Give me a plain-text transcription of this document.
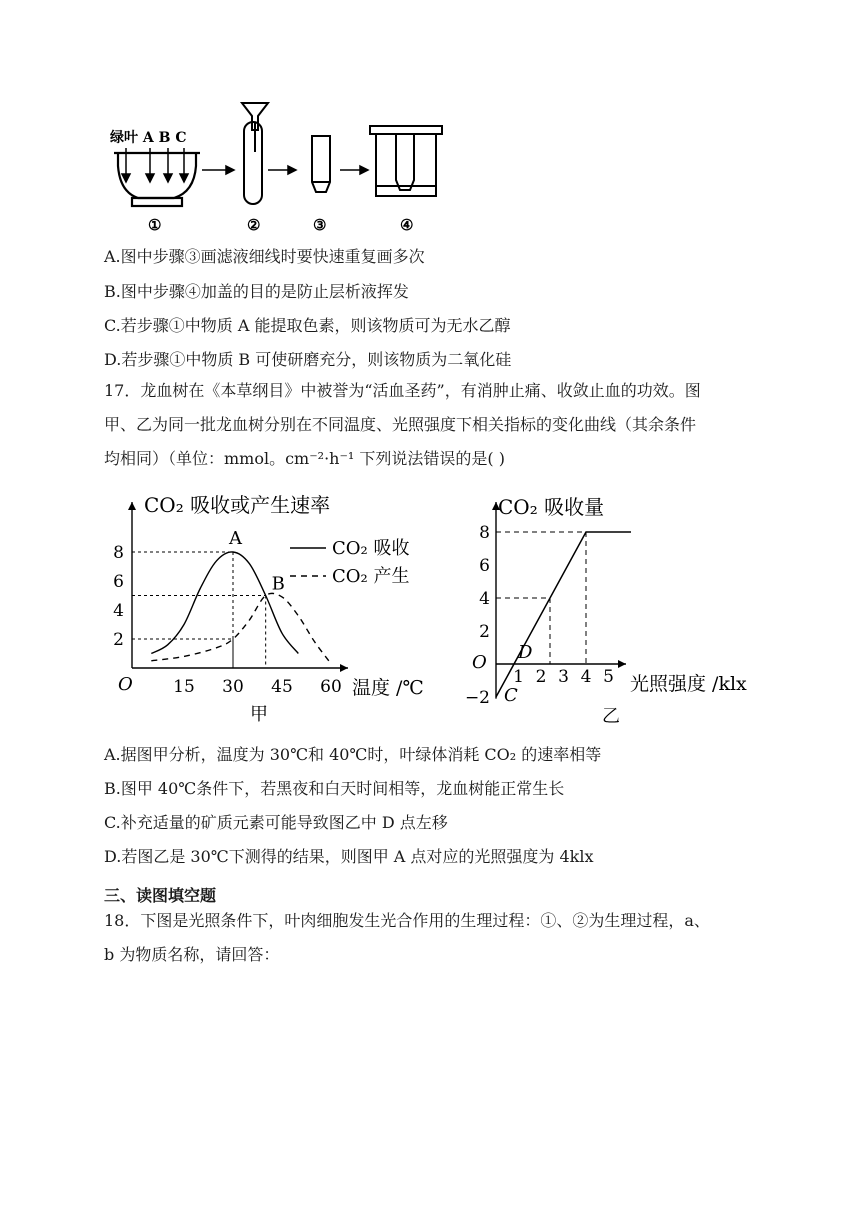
绿叶 A B C
①	②	③	④
A.图中步骤③画滤液细线时要快速重复画多次
B.图中步骤④加盖的目的是防止层析液挥发
C.若步骤①中物质 A 能提取色素，则该物质可为无水乙醇
D.若步骤①中物质 B 可使研磨充分，则该物质为二氧化硅
17．龙血树在《本草纲目》中被誉为“活血圣药”，有消肿止痛、收敛止血的功效。图
甲、乙为同一批龙血树分别在不同温度、光照强度下相关指标的变化曲线（其余条件
均相同）（单位：mmol。cm⁻²·h⁻¹ 下列说法错误的是( )
CO₂ 吸收或产生速率
温度 /℃
O
甲
CO₂ 吸收
CO₂ 产生
15 30 45 60
2
4
6
8
A
B
CO₂ 吸收量
光照强度 /klx
O
乙
1 2 3 4 5
−2
2
4
6
8
C
D
A.据图甲分析，温度为 30℃和 40℃时，叶绿体消耗 CO₂ 的速率相等
B.图甲 40℃条件下，若黑夜和白天时间相等，龙血树能正常生长
C.补充适量的矿质元素可能导致图乙中 D 点左移
D.若图乙是 30℃下测得的结果，则图甲 A 点对应的光照强度为 4klx
三、读图填空题
18．下图是光照条件下，叶肉细胞发生光合作用的生理过程：①、②为生理过程，a、
b 为物质名称，请回答：
